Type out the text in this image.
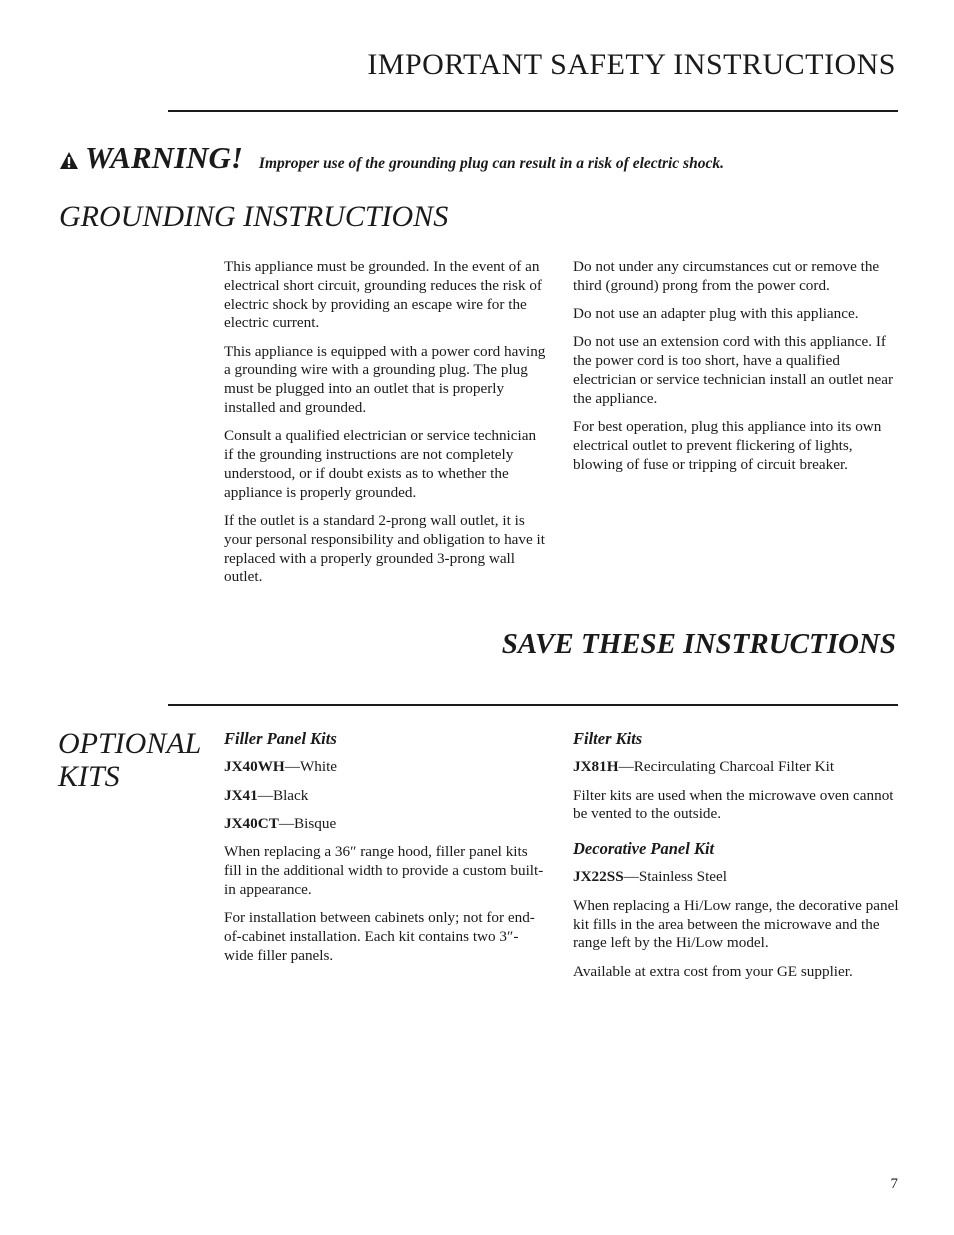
IMPORTANT SAFETY INSTRUCTIONS
WARNING! Improper use of the grounding plug can result in a risk of electric shock.
GROUNDING INSTRUCTIONS

This appliance must be grounded. In the event of an electrical short circuit, grounding reduces the risk of electric shock by providing an escape wire for the electric current.

This appliance is equipped with a power cord having a grounding wire with a grounding plug. The plug must be plugged into an outlet that is properly installed and grounded.

Consult a qualified electrician or service technician if the grounding instructions are not completely understood, or if doubt exists as to whether the appliance is properly grounded.

If the outlet is a standard 2-prong wall outlet, it is your personal responsibility and obligation to have it replaced with a properly grounded 3-prong wall outlet.

Do not under any circumstances cut or remove the third (ground) prong from the power cord.

Do not use an adapter plug with this appliance.

Do not use an extension cord with this appliance. If the power cord is too short, have a qualified electrician or service technician install an outlet near the appliance.

For best operation, plug this appliance into its own electrical outlet to prevent flickering of lights, blowing of fuse or tripping of circuit breaker.

SAVE THESE INSTRUCTIONS
OPTIONAL
KITS

Filler Panel Kits

JX40WH—White

JX41—Black

JX40CT—Bisque

When replacing a 36″ range hood, filler panel kits fill in the additional width to provide a custom built-in appearance.

For installation between cabinets only; not for end-of-cabinet installation. Each kit contains two 3″-wide filler panels.

Filter Kits

JX81H—Recirculating Charcoal Filter Kit

Filter kits are used when the microwave oven cannot be vented to the outside.

Decorative Panel Kit

JX22SS—Stainless Steel

When replacing a Hi/Low range, the decorative panel kit fills in the area between the microwave and the range left by the Hi/Low model.

Available at extra cost from your GE supplier.

7
